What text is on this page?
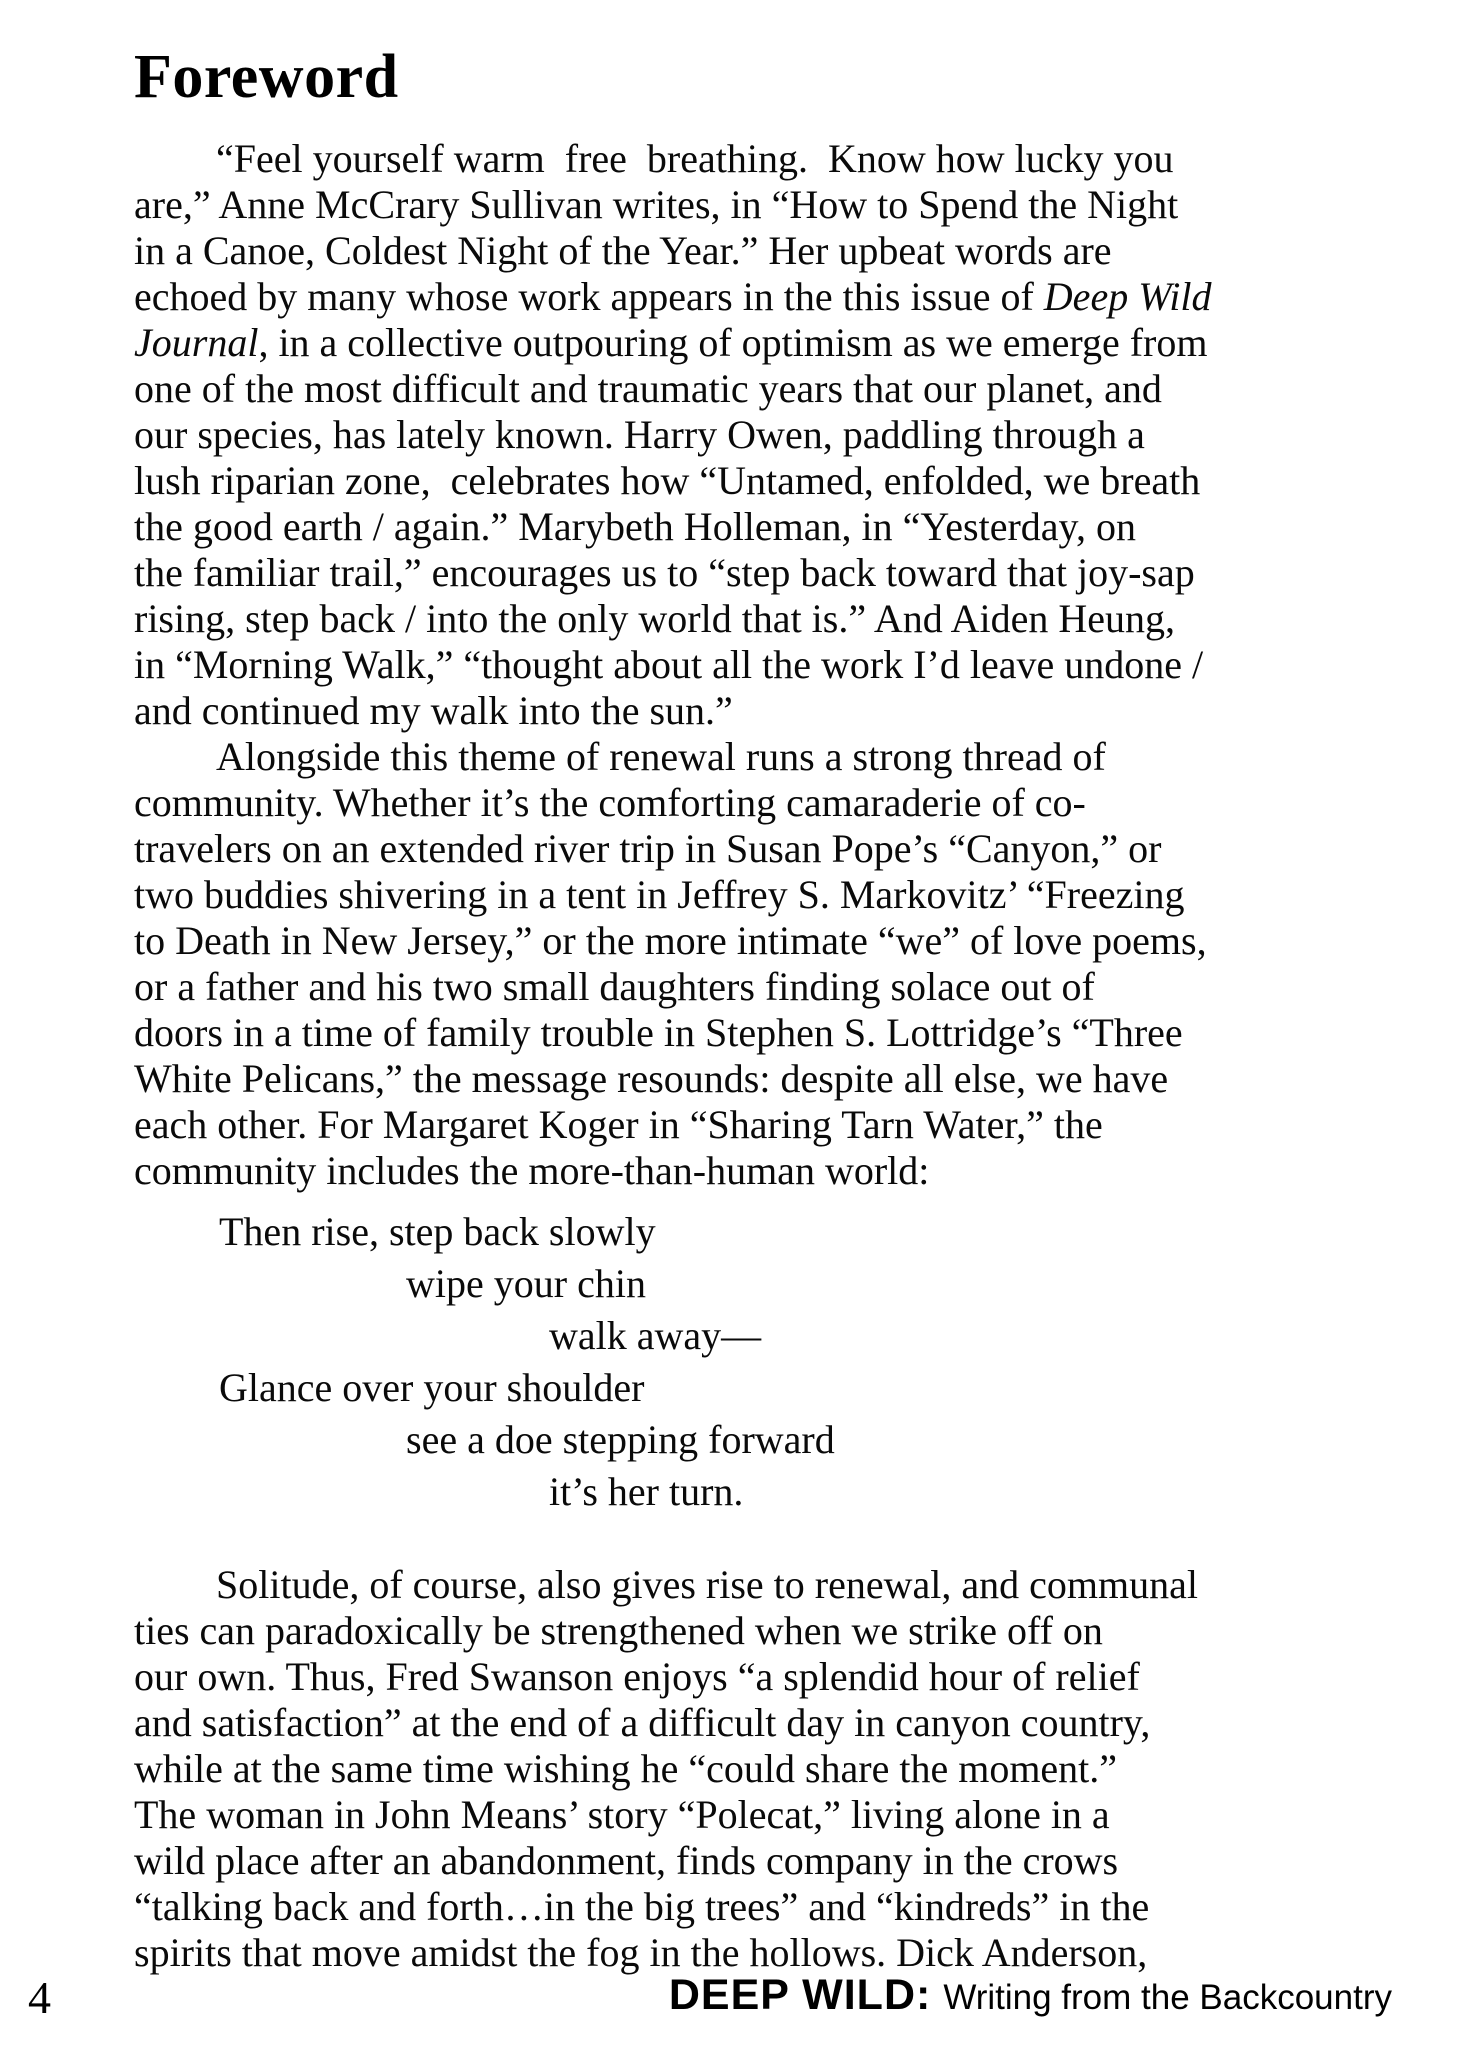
Foreword
“Feel yourself warm  free  breathing.  Know how lucky you
are,” Anne McCrary Sullivan writes, in “How to Spend the Night
in a Canoe, Coldest Night of the Year.” Her upbeat words are
echoed by many whose work appears in the this issue of Deep Wild
Journal, in a collective outpouring of optimism as we emerge from
one of the most difficult and traumatic years that our planet, and
our species, has lately known. Harry Owen, paddling through a
lush riparian zone,  celebrates how “Untamed, enfolded, we breath
the good earth / again.” Marybeth Holleman, in “Yesterday, on
the familiar trail,” encourages us to “step back toward that joy-sap
rising, step back / into the only world that is.” And Aiden Heung,
in “Morning Walk,” “thought about all the work I’d leave undone /
and continued my walk into the sun.”
Alongside this theme of renewal runs a strong thread of
community. Whether it’s the comforting camaraderie of co-
travelers on an extended river trip in Susan Pope’s “Canyon,” or
two buddies shivering in a tent in Jeffrey S. Markovitz’ “Freezing
to Death in New Jersey,” or the more intimate “we” of love poems,
or a father and his two small daughters finding solace out of
doors in a time of family trouble in Stephen S. Lottridge’s “Three
White Pelicans,” the message resounds: despite all else, we have
each other. For Margaret Koger in “Sharing Tarn Water,” the
community includes the more-than-human world:
Then rise, step back slowly
wipe your chin
walk away—
Glance over your shoulder
see a doe stepping forward
it’s her turn.
Solitude, of course, also gives rise to renewal, and communal
ties can paradoxically be strengthened when we strike off on
our own. Thus, Fred Swanson enjoys “a splendid hour of relief
and satisfaction” at the end of a difficult day in canyon country,
while at the same time wishing he “could share the moment.”
The woman in John Means’ story “Polecat,” living alone in a
wild place after an abandonment, finds company in the crows
“talking back and forth…in the big trees” and “kindreds” in the
spirits that move amidst the fog in the hollows. Dick Anderson,
4	DEEP WILD: Writing from the Backcountry
